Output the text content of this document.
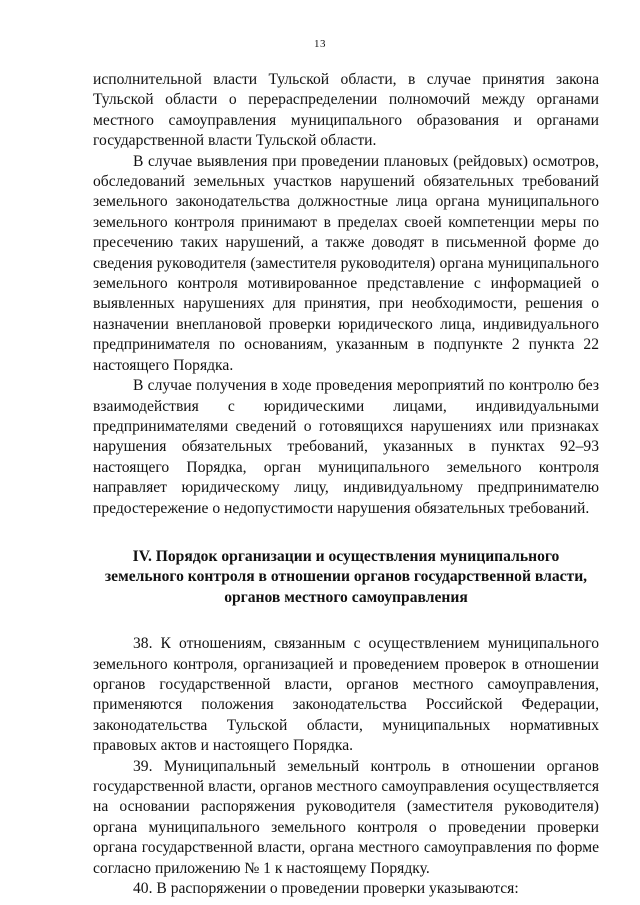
13

исполнительной власти Тульской области, в случае принятия закона Тульской области о перераспределении полномочий между органами местного самоуправления муниципального образования и органами государственной власти Тульской области.

В случае выявления при проведении плановых (рейдовых) осмотров, обследований земельных участков нарушений обязательных требований земельного законодательства должностные лица органа муниципального земельного контроля принимают в пределах своей компетенции меры по пресечению таких нарушений, а также доводят в письменной форме до сведения руководителя (заместителя руководителя) органа муниципального земельного контроля мотивированное представление с информацией о выявленных нарушениях для принятия, при необходимости, решения о назначении внеплановой проверки юридического лица, индивидуального предпринимателя по основаниям, указанным в подпункте 2 пункта 22 настоящего Порядка.

В случае получения в ходе проведения мероприятий по контролю без взаимодействия с юридическими лицами, индивидуальными предпринимателями сведений о готовящихся нарушениях или признаках нарушения обязательных требований, указанных в пунктах 92–93 настоящего Порядка, орган муниципального земельного контроля направляет юридическому лицу, индивидуальному предпринимателю предостережение о недопустимости нарушения обязательных требований.

IV. Порядок организации и осуществления муниципального
земельного контроля в отношении органов государственной власти,
органов местного самоуправления

38. К отношениям, связанным с осуществлением муниципального земельного контроля, организацией и проведением проверок в отношении органов государственной власти, органов местного самоуправления, применяются положения законодательства Российской Федерации, законодательства Тульской области, муниципальных нормативных правовых актов и настоящего Порядка.

39. Муниципальный земельный контроль в отношении органов государственной власти, органов местного самоуправления осуществляется на основании распоряжения руководителя (заместителя руководителя) органа муниципального земельного контроля о проведении проверки органа государственной власти, органа местного самоуправления по форме согласно приложению № 1 к настоящему Порядку.

40. В распоряжении о проведении проверки указываются:
